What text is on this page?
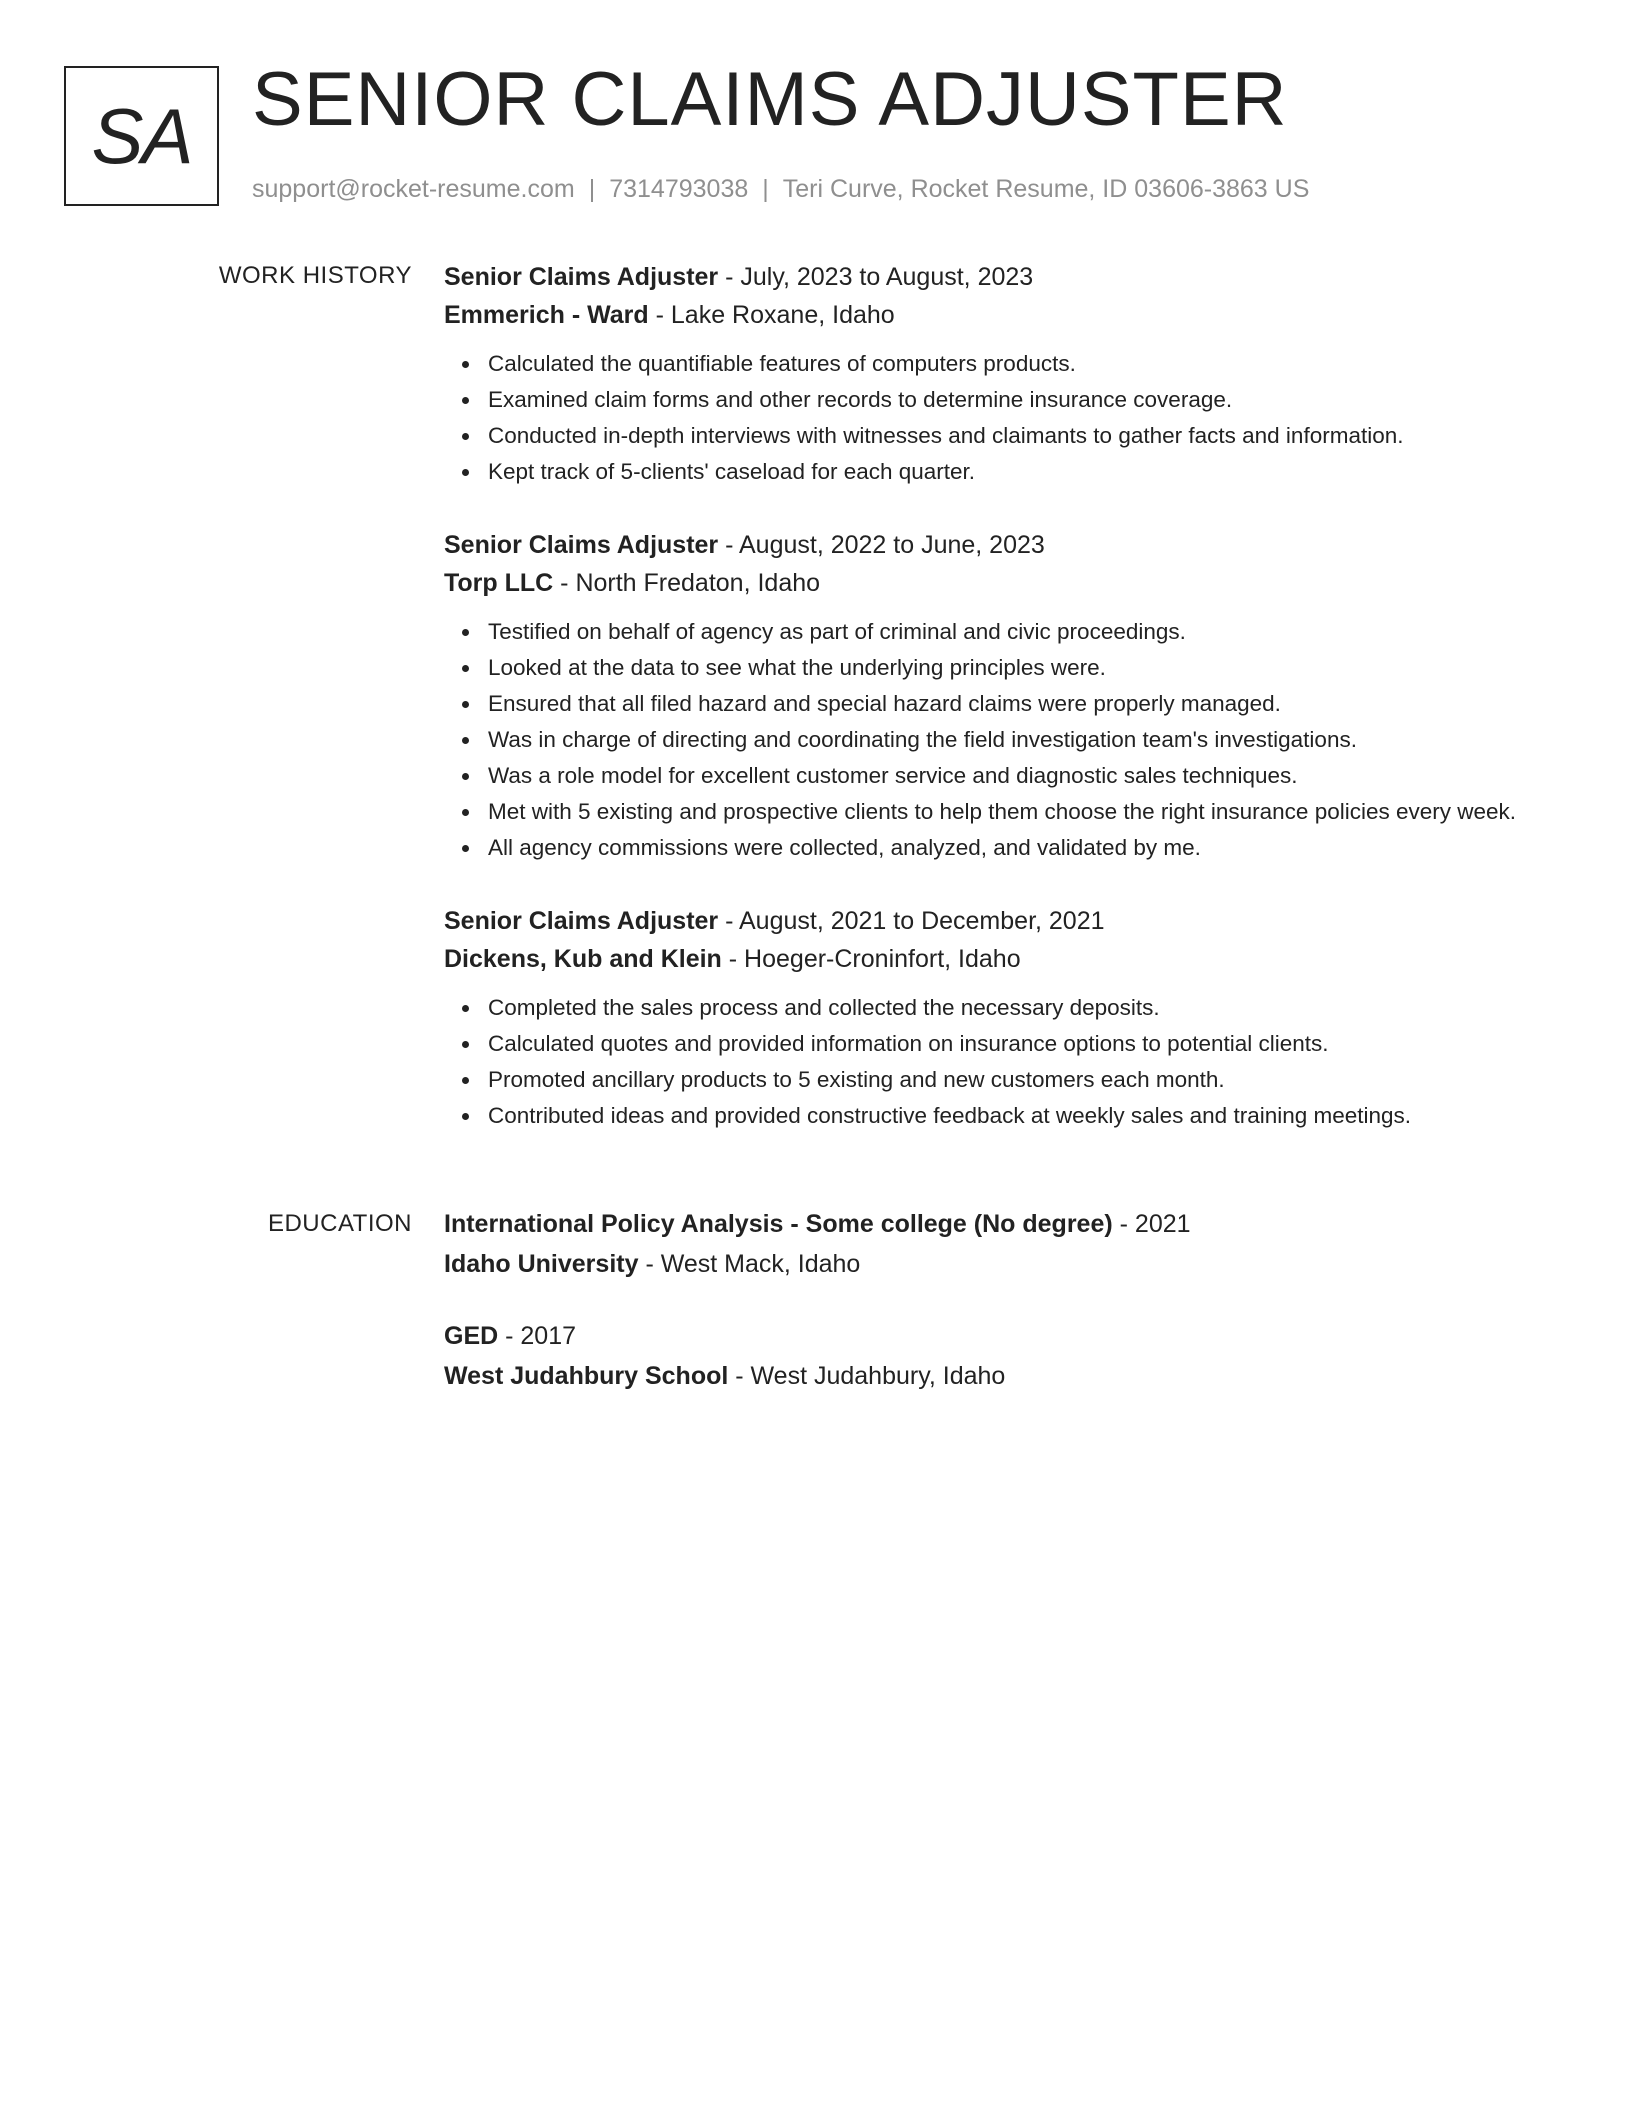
SA SENIOR CLAIMS ADJUSTER
support@rocket-resume.com | 7314793038 | Teri Curve, Rocket Resume, ID 03606-3863 US
WORK HISTORY Senior Claims Adjuster - July, 2023 to August, 2023
Emmerich - Ward - Lake Roxane, Idaho
Calculated the quantifiable features of computers products.
Examined claim forms and other records to determine insurance coverage.
Conducted in-depth interviews with witnesses and claimants to gather facts and information.
Kept track of 5-clients' caseload for each quarter.
Senior Claims Adjuster - August, 2022 to June, 2023
Torp LLC - North Fredaton, Idaho
Testified on behalf of agency as part of criminal and civic proceedings.
Looked at the data to see what the underlying principles were.
Ensured that all filed hazard and special hazard claims were properly managed.
Was in charge of directing and coordinating the field investigation team's investigations.
Was a role model for excellent customer service and diagnostic sales techniques.
Met with 5 existing and prospective clients to help them choose the right insurance policies every week.
All agency commissions were collected, analyzed, and validated by me.
Senior Claims Adjuster - August, 2021 to December, 2021
Dickens, Kub and Klein - Hoeger-Croninfort, Idaho
Completed the sales process and collected the necessary deposits.
Calculated quotes and provided information on insurance options to potential clients.
Promoted ancillary products to 5 existing and new customers each month.
Contributed ideas and provided constructive feedback at weekly sales and training meetings.
EDUCATION International Policy Analysis - Some college (No degree) - 2021
Idaho University - West Mack, Idaho
GED - 2017
West Judahbury School - West Judahbury, Idaho
